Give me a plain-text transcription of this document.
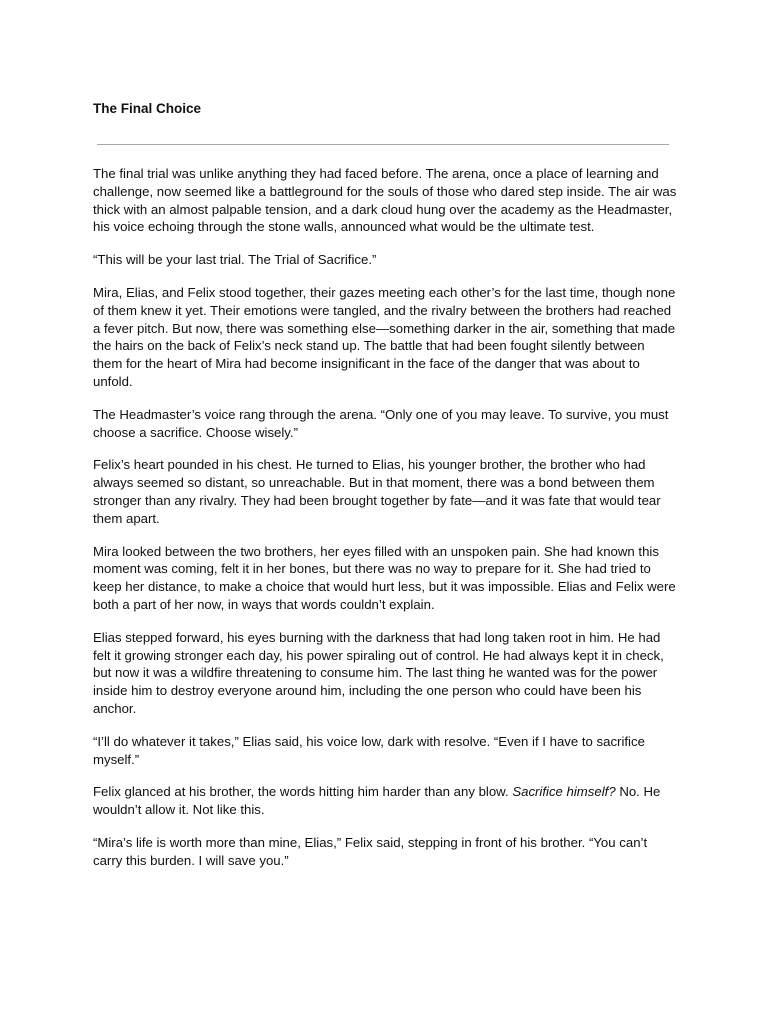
The Final Choice

The final trial was unlike anything they had faced before. The arena, once a place of learning and challenge, now seemed like a battleground for the souls of those who dared step inside. The air was thick with an almost palpable tension, and a dark cloud hung over the academy as the Headmaster, his voice echoing through the stone walls, announced what would be the ultimate test.

“This will be your last trial. The Trial of Sacrifice.”

Mira, Elias, and Felix stood together, their gazes meeting each other’s for the last time, though none of them knew it yet. Their emotions were tangled, and the rivalry between the brothers had reached a fever pitch. But now, there was something else—something darker in the air, something that made the hairs on the back of Felix’s neck stand up. The battle that had been fought silently between them for the heart of Mira had become insignificant in the face of the danger that was about to unfold.

The Headmaster’s voice rang through the arena. “Only one of you may leave. To survive, you must choose a sacrifice. Choose wisely.”

Felix’s heart pounded in his chest. He turned to Elias, his younger brother, the brother who had always seemed so distant, so unreachable. But in that moment, there was a bond between them stronger than any rivalry. They had been brought together by fate—and it was fate that would tear them apart.

Mira looked between the two brothers, her eyes filled with an unspoken pain. She had known this moment was coming, felt it in her bones, but there was no way to prepare for it. She had tried to keep her distance, to make a choice that would hurt less, but it was impossible. Elias and Felix were both a part of her now, in ways that words couldn’t explain.

Elias stepped forward, his eyes burning with the darkness that had long taken root in him. He had felt it growing stronger each day, his power spiraling out of control. He had always kept it in check, but now it was a wildfire threatening to consume him. The last thing he wanted was for the power inside him to destroy everyone around him, including the one person who could have been his anchor.

“I’ll do whatever it takes,” Elias said, his voice low, dark with resolve. “Even if I have to sacrifice myself.”

Felix glanced at his brother, the words hitting him harder than any blow. Sacrifice himself? No. He wouldn’t allow it. Not like this.

“Mira’s life is worth more than mine, Elias,” Felix said, stepping in front of his brother. “You can’t carry this burden. I will save you.”
